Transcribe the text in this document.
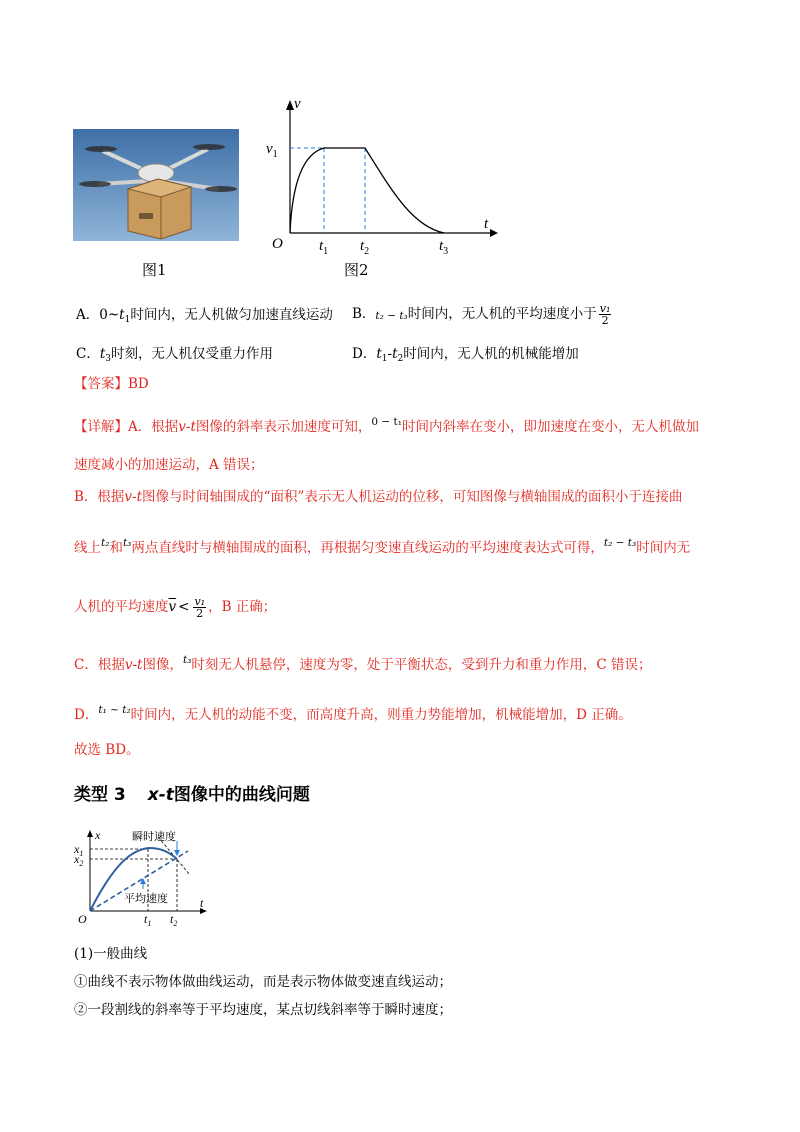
图1
v
t
O
$v_1$
$t_1$ $t_2$	$t_3$
图2
A．$0\sim t_1$时间内，无人机做匀加速直线运动 B．t₂ − t₃时间内，无人机的平均速度小于 $\frac{\text{v₁}}{2}$
C．$t_3$时刻，无人机仅受重力作用	D．$t_1-t_2$时间内，无人机的机械能增加
【答案】BD
【详解】A．根据v-t图像的斜率表示加速度可知，$^{0 - t_1}$时间内斜率在变小，即加速度在变小，无人机做加
速度减小的加速运动，A 错误；
B．根据v-t图像与时间轴围成的“面积”表示无人机运动的位移，可知图像与横轴围成的面积小于连接曲
线上$^{t_2}$和$^{t_3}$两点直线时与横轴围成的面积，再根据匀变速直线运动的平均速度表达式可得，$^{t_2 - t_3}$时间内无
人机的平均速度$\overline{v} < \frac{\text{v₁}}{2}$ ，B 正确；
C．根据v-t图像，$^{t_3}$时刻无人机悬停，速度为零，处于平衡状态，受到升力和重力作用，C 错误；
D．$^{t_1 \sim t_2}$时间内，无人机的动能不变，而高度升高，则重力势能增加，机械能增加，D 正确。
故选 BD。
类型 3 x-t图像中的曲线问题
x
t
O
$x_1$
$x_2$
$t_1$ $t_2$
瞬时速度
平均速度
(1)一般曲线
①曲线不表示物体做曲线运动，而是表示物体做变速直线运动；
②一段割线的斜率等于平均速度，某点切线斜率等于瞬时速度；
